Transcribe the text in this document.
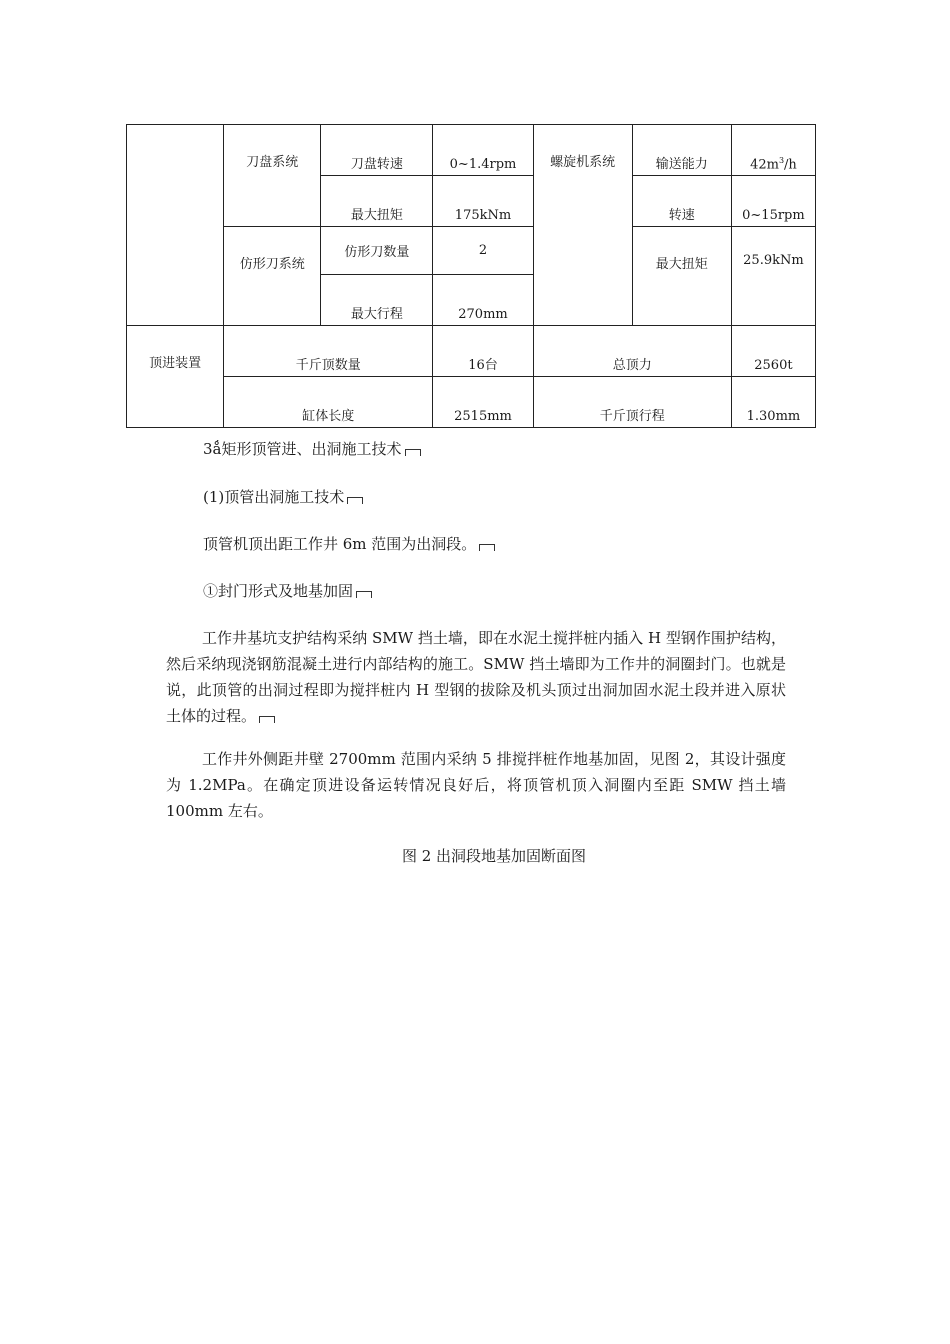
	刀盘系统	刀盘转速	0~1.4rpm	螺旋机系统	输送能力	$42m^3/h$
		最大扭矩	175kNm		转速	0~15rpm
	仿形刀系统	仿形刀数量	2		最大扭矩	25.9kNm
		最大行程	270mm			
顶进装置	千斤顶数量		16台	总顶力		2560t
	缸体长度		2515mm	千斤顶行程		1.30mm

3ǻ矩形顶管进、出洞施工技术

(1)顶管出洞施工技术

顶管机顶出距工作井 6m 范围为出洞段。

①封门形式及地基加固

工作井基坑支护结构采纳 SMW 挡土墙，即在水泥土搅拌桩内插入 H 型钢作围护结构，然后采纳现浇钢筋混凝土进行内部结构的施工。SMW 挡土墙即为工作井的洞圈封门。也就是说，此顶管的出洞过程即为搅拌桩内 H 型钢的拔除及机头顶过出洞加固水泥土段并进入原状土体的过程。

工作井外侧距井壁 2700mm 范围内采纳 5 排搅拌桩作地基加固，见图 2，其设计强度为 1.2MPa。在确定顶进设备运转情况良好后，将顶管机顶入洞圈内至距 SMW 挡土墙 100mm 左右。

图 2 出洞段地基加固断面图
